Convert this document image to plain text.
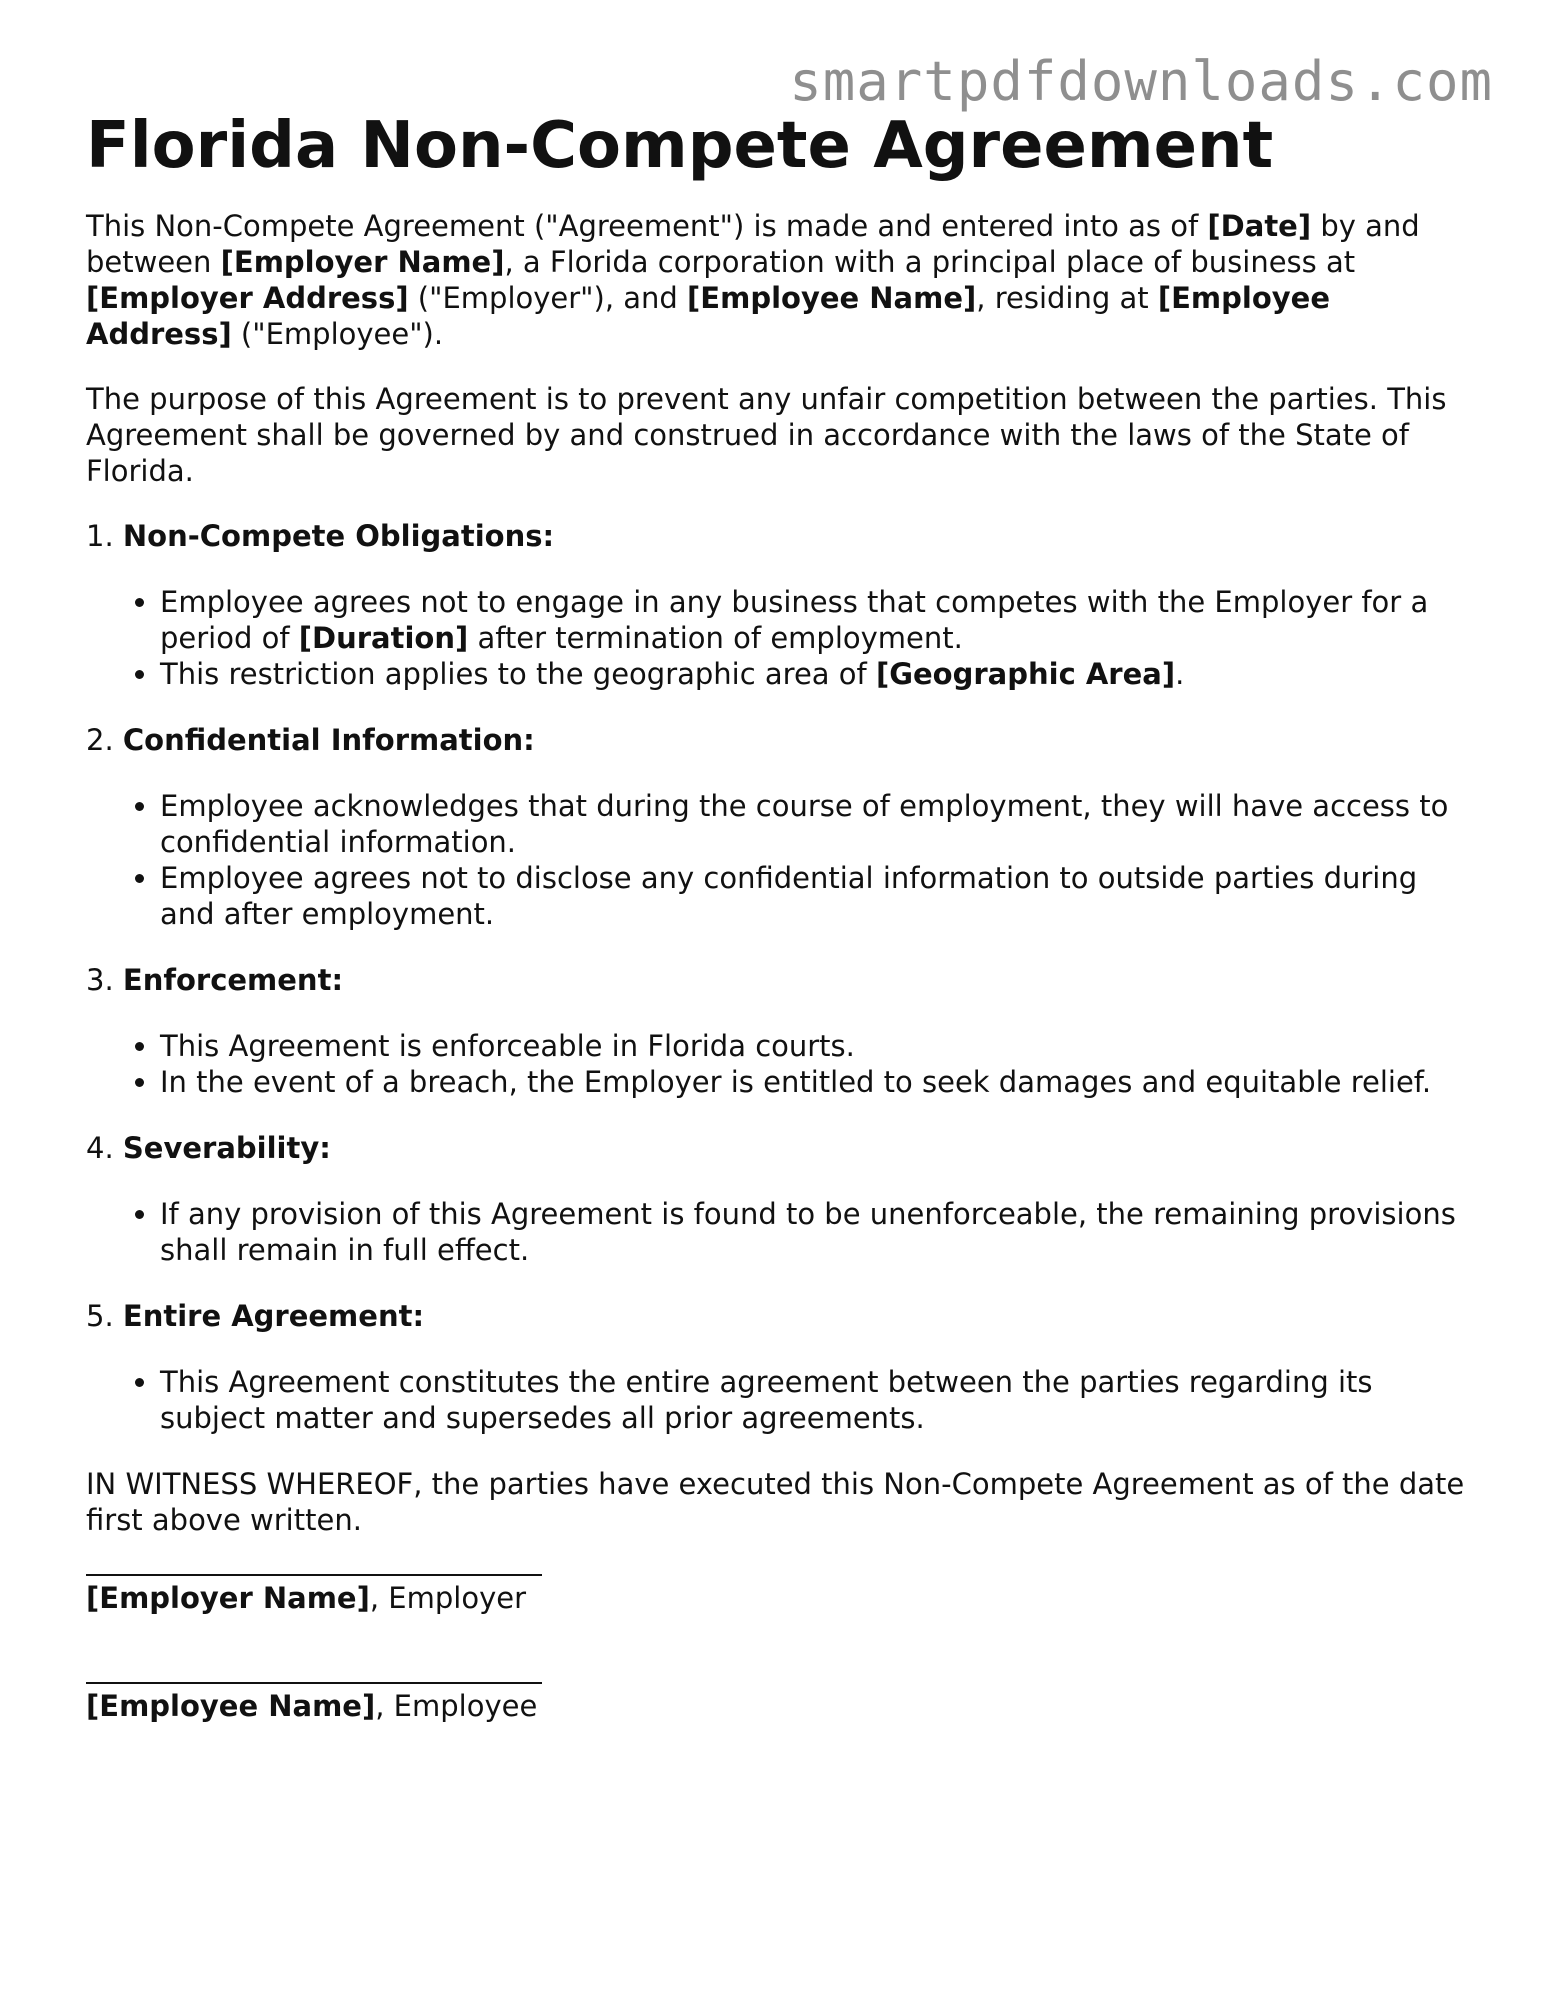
smartpdfdownloads.com
Florida Non-Compete Agreement

This Non-Compete Agreement ("Agreement") is made and entered into as of [Date] by and between [Employer Name], a Florida corporation with a principal place of business at [Employer Address] ("Employer"), and [Employee Name], residing at [Employee Address] ("Employee").

The purpose of this Agreement is to prevent any unfair competition between the parties. This Agreement shall be governed by and construed in accordance with the laws of the State of Florida.

1. Non-Compete Obligations:
• Employee agrees not to engage in any business that competes with the Employer for a period of [Duration] after termination of employment.
• This restriction applies to the geographic area of [Geographic Area].
2. Confidential Information:
• Employee acknowledges that during the course of employment, they will have access to confidential information.
• Employee agrees not to disclose any confidential information to outside parties during and after employment.
3. Enforcement:
• This Agreement is enforceable in Florida courts.
• In the event of a breach, the Employer is entitled to seek damages and equitable relief.
4. Severability:
• If any provision of this Agreement is found to be unenforceable, the remaining provisions shall remain in full effect.
5. Entire Agreement:
• This Agreement constitutes the entire agreement between the parties regarding its subject matter and supersedes all prior agreements.

IN WITNESS WHEREOF, the parties have executed this Non-Compete Agreement as of the date first above written.

[Employer Name], Employer
[Employee Name], Employee
